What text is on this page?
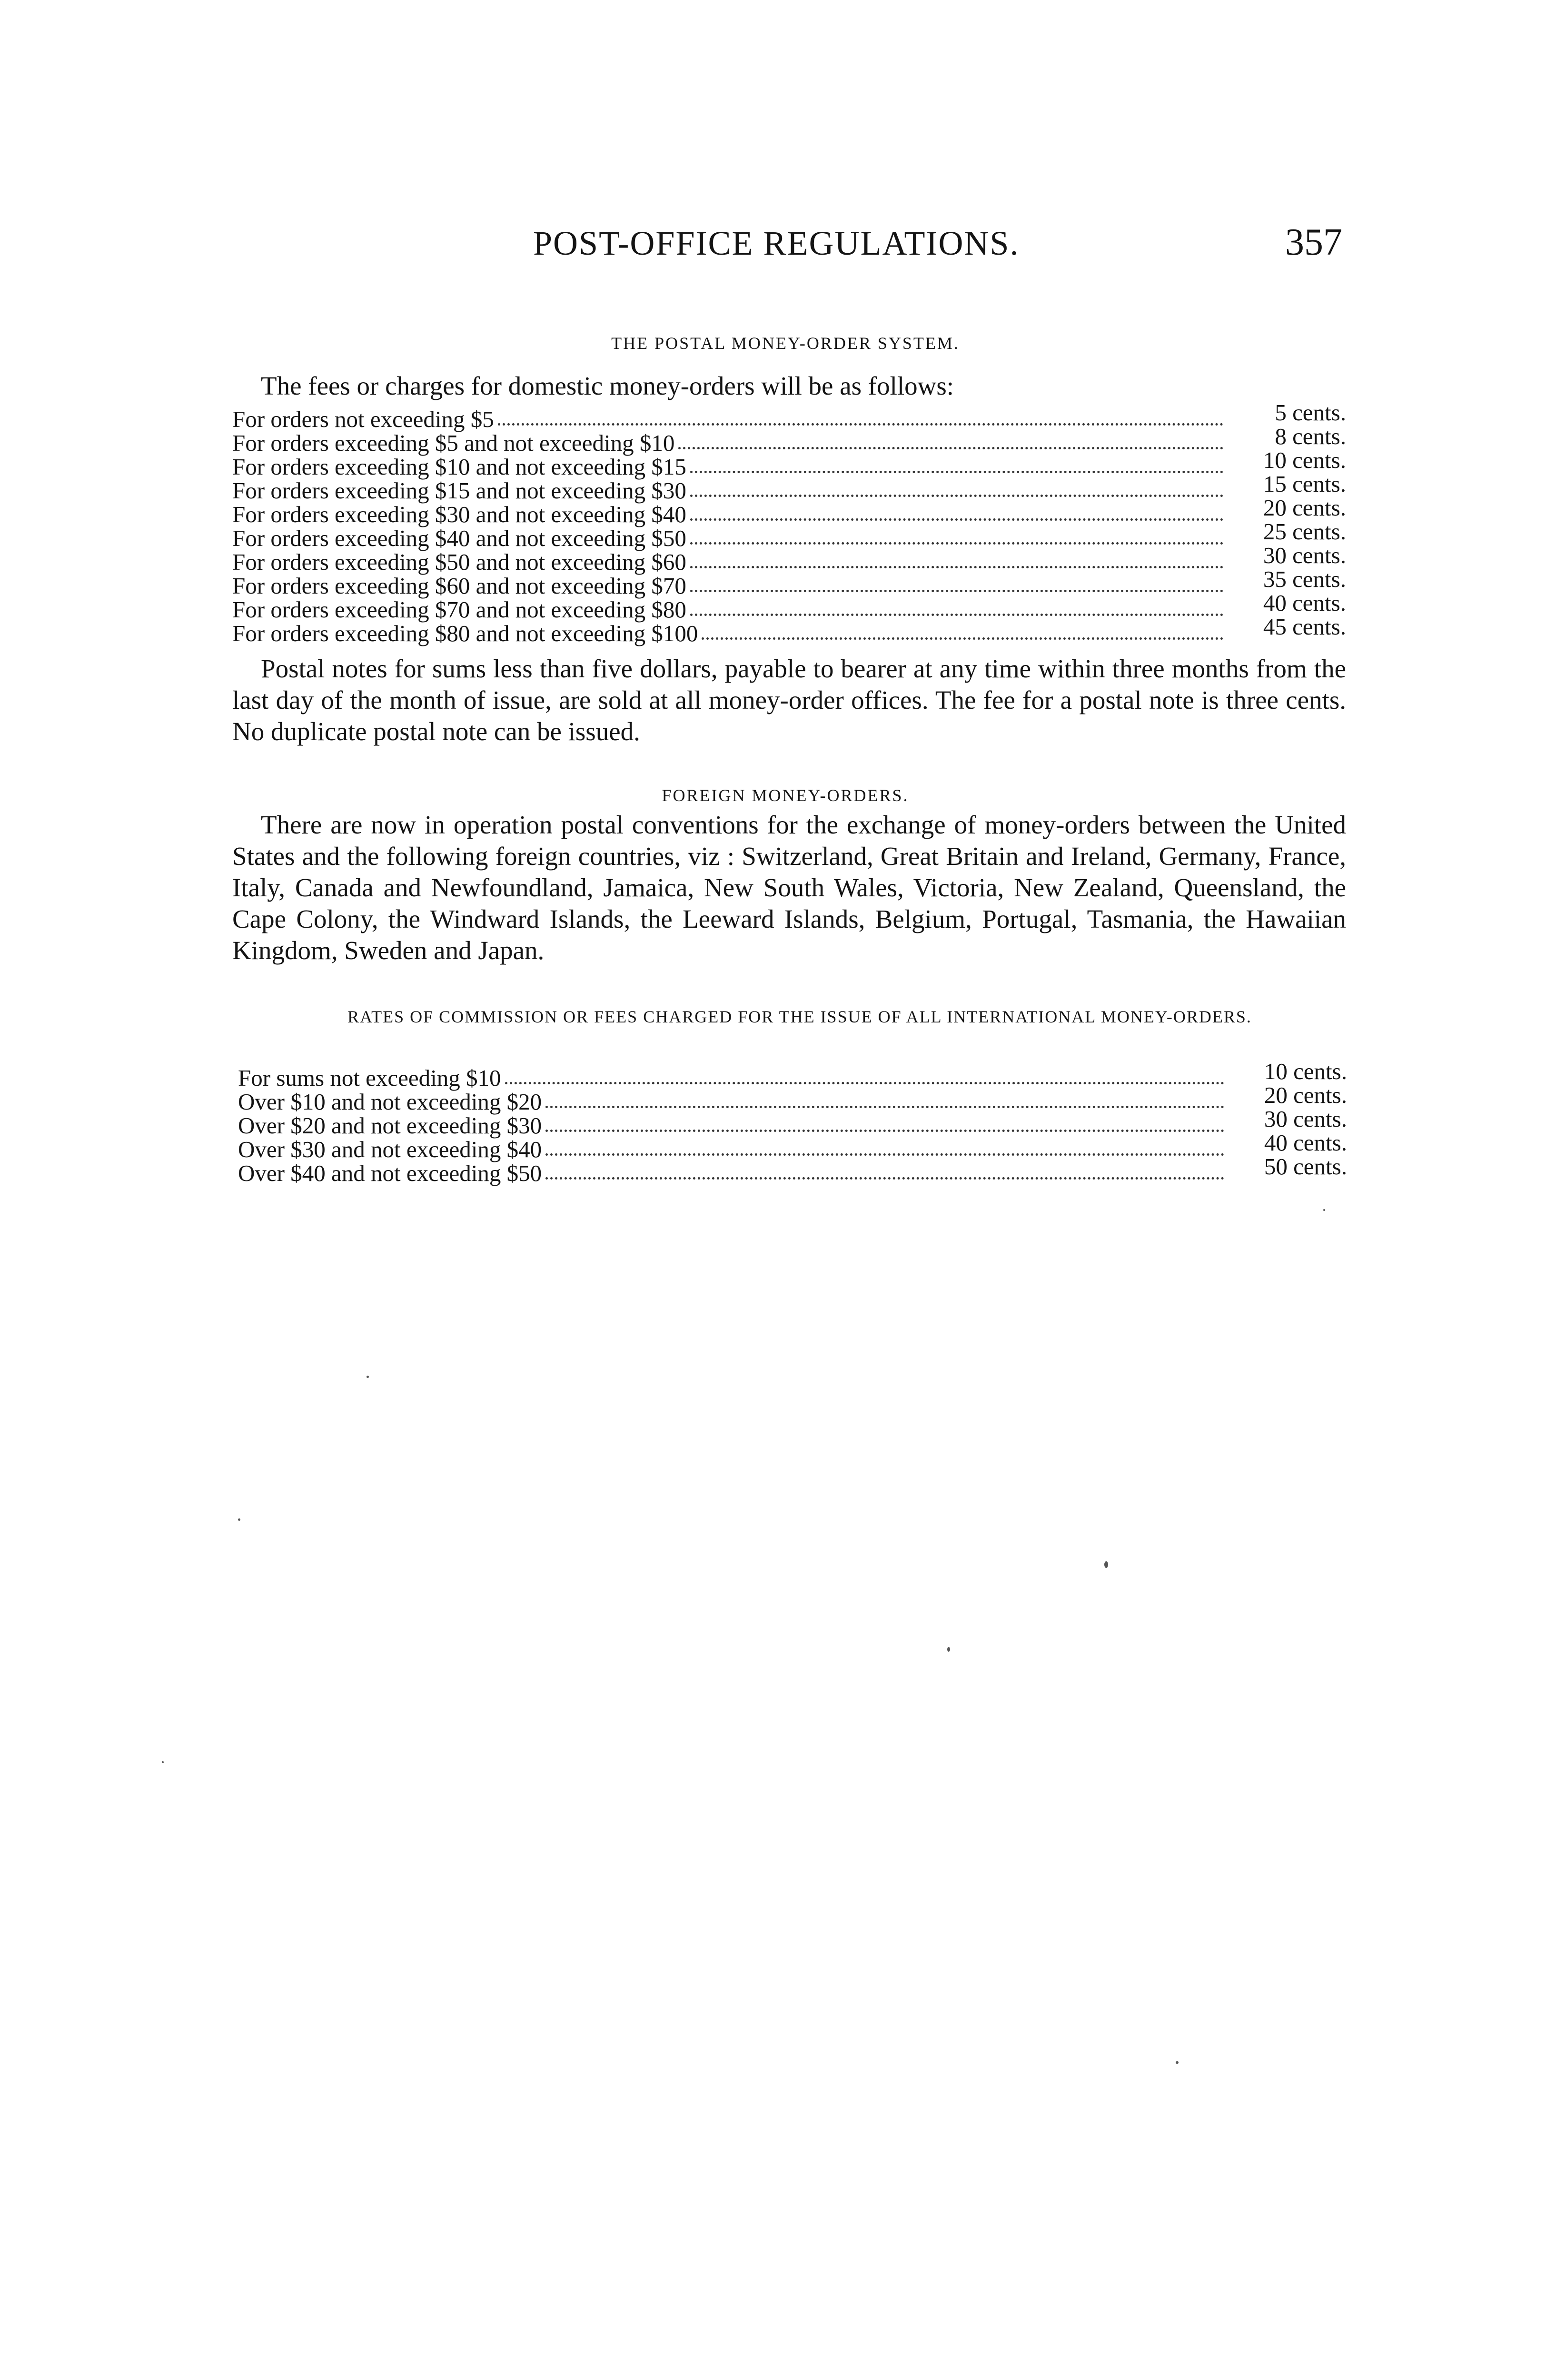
POST-OFFICE REGULATIONS.	357
THE POSTAL MONEY-ORDER SYSTEM.

The fees or charges for domestic money-orders will be as follows:

For orders not exceeding $5	5 cents.
For orders exceeding $5 and not exceeding $10	8 cents.
For orders exceeding $10 and not exceeding $15	10 cents.
For orders exceeding $15 and not exceeding $30	15 cents.
For orders exceeding $30 and not exceeding $40	20 cents.
For orders exceeding $40 and not exceeding $50	25 cents.
For orders exceeding $50 and not exceeding $60	30 cents.
For orders exceeding $60 and not exceeding $70	35 cents.
For orders exceeding $70 and not exceeding $80	40 cents.
For orders exceeding $80 and not exceeding $100	45 cents.

Postal notes for sums less than five dollars, payable to bearer at any time within three months from the last day of the month of issue, are sold at all money-order offices. The fee for a postal note is three cents. No duplicate postal note can be issued.

FOREIGN MONEY-ORDERS.

There are now in operation postal conventions for the exchange of money-orders between the United States and the following foreign countries, viz : Switzerland, Great Britain and Ireland, Germany, France, Italy, Canada and Newfoundland, Jamaica, New South Wales, Victoria, New Zealand, Queensland, the Cape Colony, the Windward Islands, the Leeward Islands, Belgium, Portugal, Tasmania, the Hawaiian Kingdom, Sweden and Japan.

RATES OF COMMISSION OR FEES CHARGED FOR THE ISSUE OF ALL INTERNATIONAL MONEY-ORDERS.
For sums not exceeding $10	10 cents.
Over $10 and not exceeding $20	20 cents.
Over $20 and not exceeding $30	30 cents.
Over $30 and not exceeding $40	40 cents.
Over $40 and not exceeding $50	50 cents.
